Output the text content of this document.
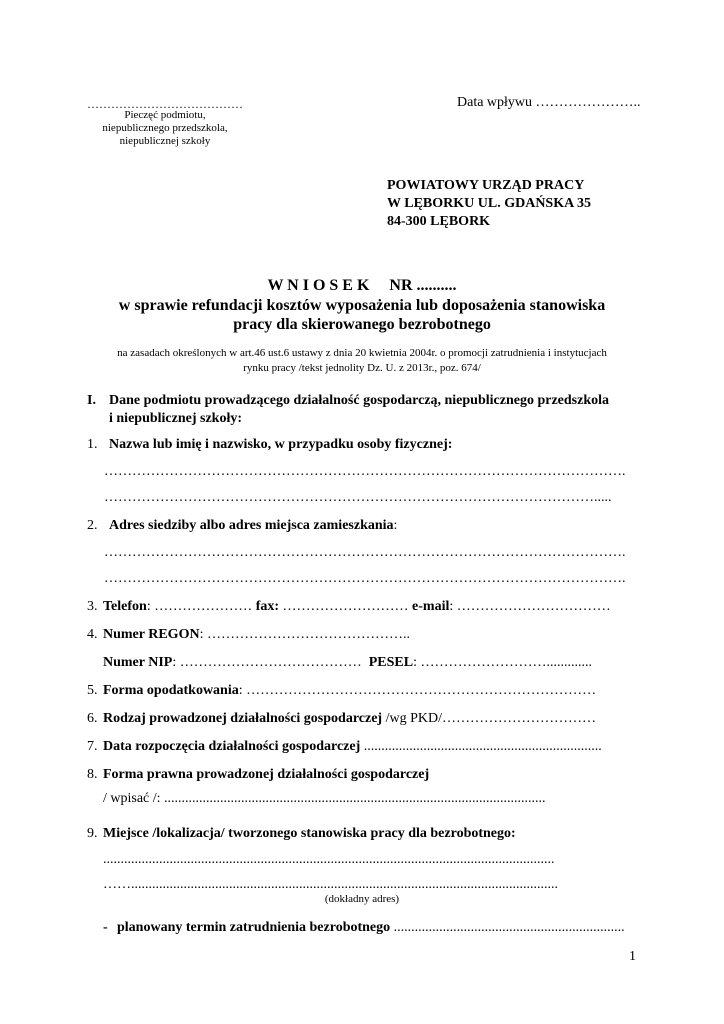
…………………………………
Pieczęć podmiotu,
niepublicznego przedszkola,
niepublicznej szkoły
Data wpływu …………………..
POWIATOWY URZĄD PRACY
W LĘBORKU UL. GDAŃSKA 35
84-300 LĘBORK
W N I O S E K     NR ..........
w sprawie refundacji kosztów wyposażenia lub doposażenia stanowiska
pracy dla skierowanego bezrobotnego
na zasadach określonych w art.46 ust.6 ustawy z dnia 20 kwietnia 2004r. o promocji zatrudnienia i instytucjach
rynku pracy /tekst jednolity Dz. U. z 2013r., poz. 674/
I. Dane podmiotu prowadzącego działalność gospodarczą, niepublicznego przedszkola
i niepublicznej szkoły:
1. Nazwa lub imię i nazwisko, w przypadku osoby fizycznej:
………………………………………………………………………………………………….
…………………………………………………………………………………………….....
2. Adres siedziby albo adres miejsca zamieszkania:
………………………………………………………………………………………………….
………………………………………………………………………………………………….
3. Telefon: ………………… fax: ……………………… e-mail: ……………………………
4. Numer REGON: ……………………………………..
Numer NIP: …………………………………  PESEL: ……………………….............
5. Forma opodatkowania: …………………………………………………………………
6. Rodzaj prowadzonej działalności gospodarczej /wg PKD/……………………………
7. Data rozpoczęcia działalności gospodarczej ....................................................................
8. Forma prawna prowadzonej działalności gospodarczej
/ wpisać /: .............................................................................................................
9. Miejsce /lokalizacja/ tworzonego stanowiska pracy dla bezrobotnego:
.................................................................................................................................
……..........................................................................................................................
(dokładny adres)
- planowany termin zatrudnienia bezrobotnego ..................................................................
1
